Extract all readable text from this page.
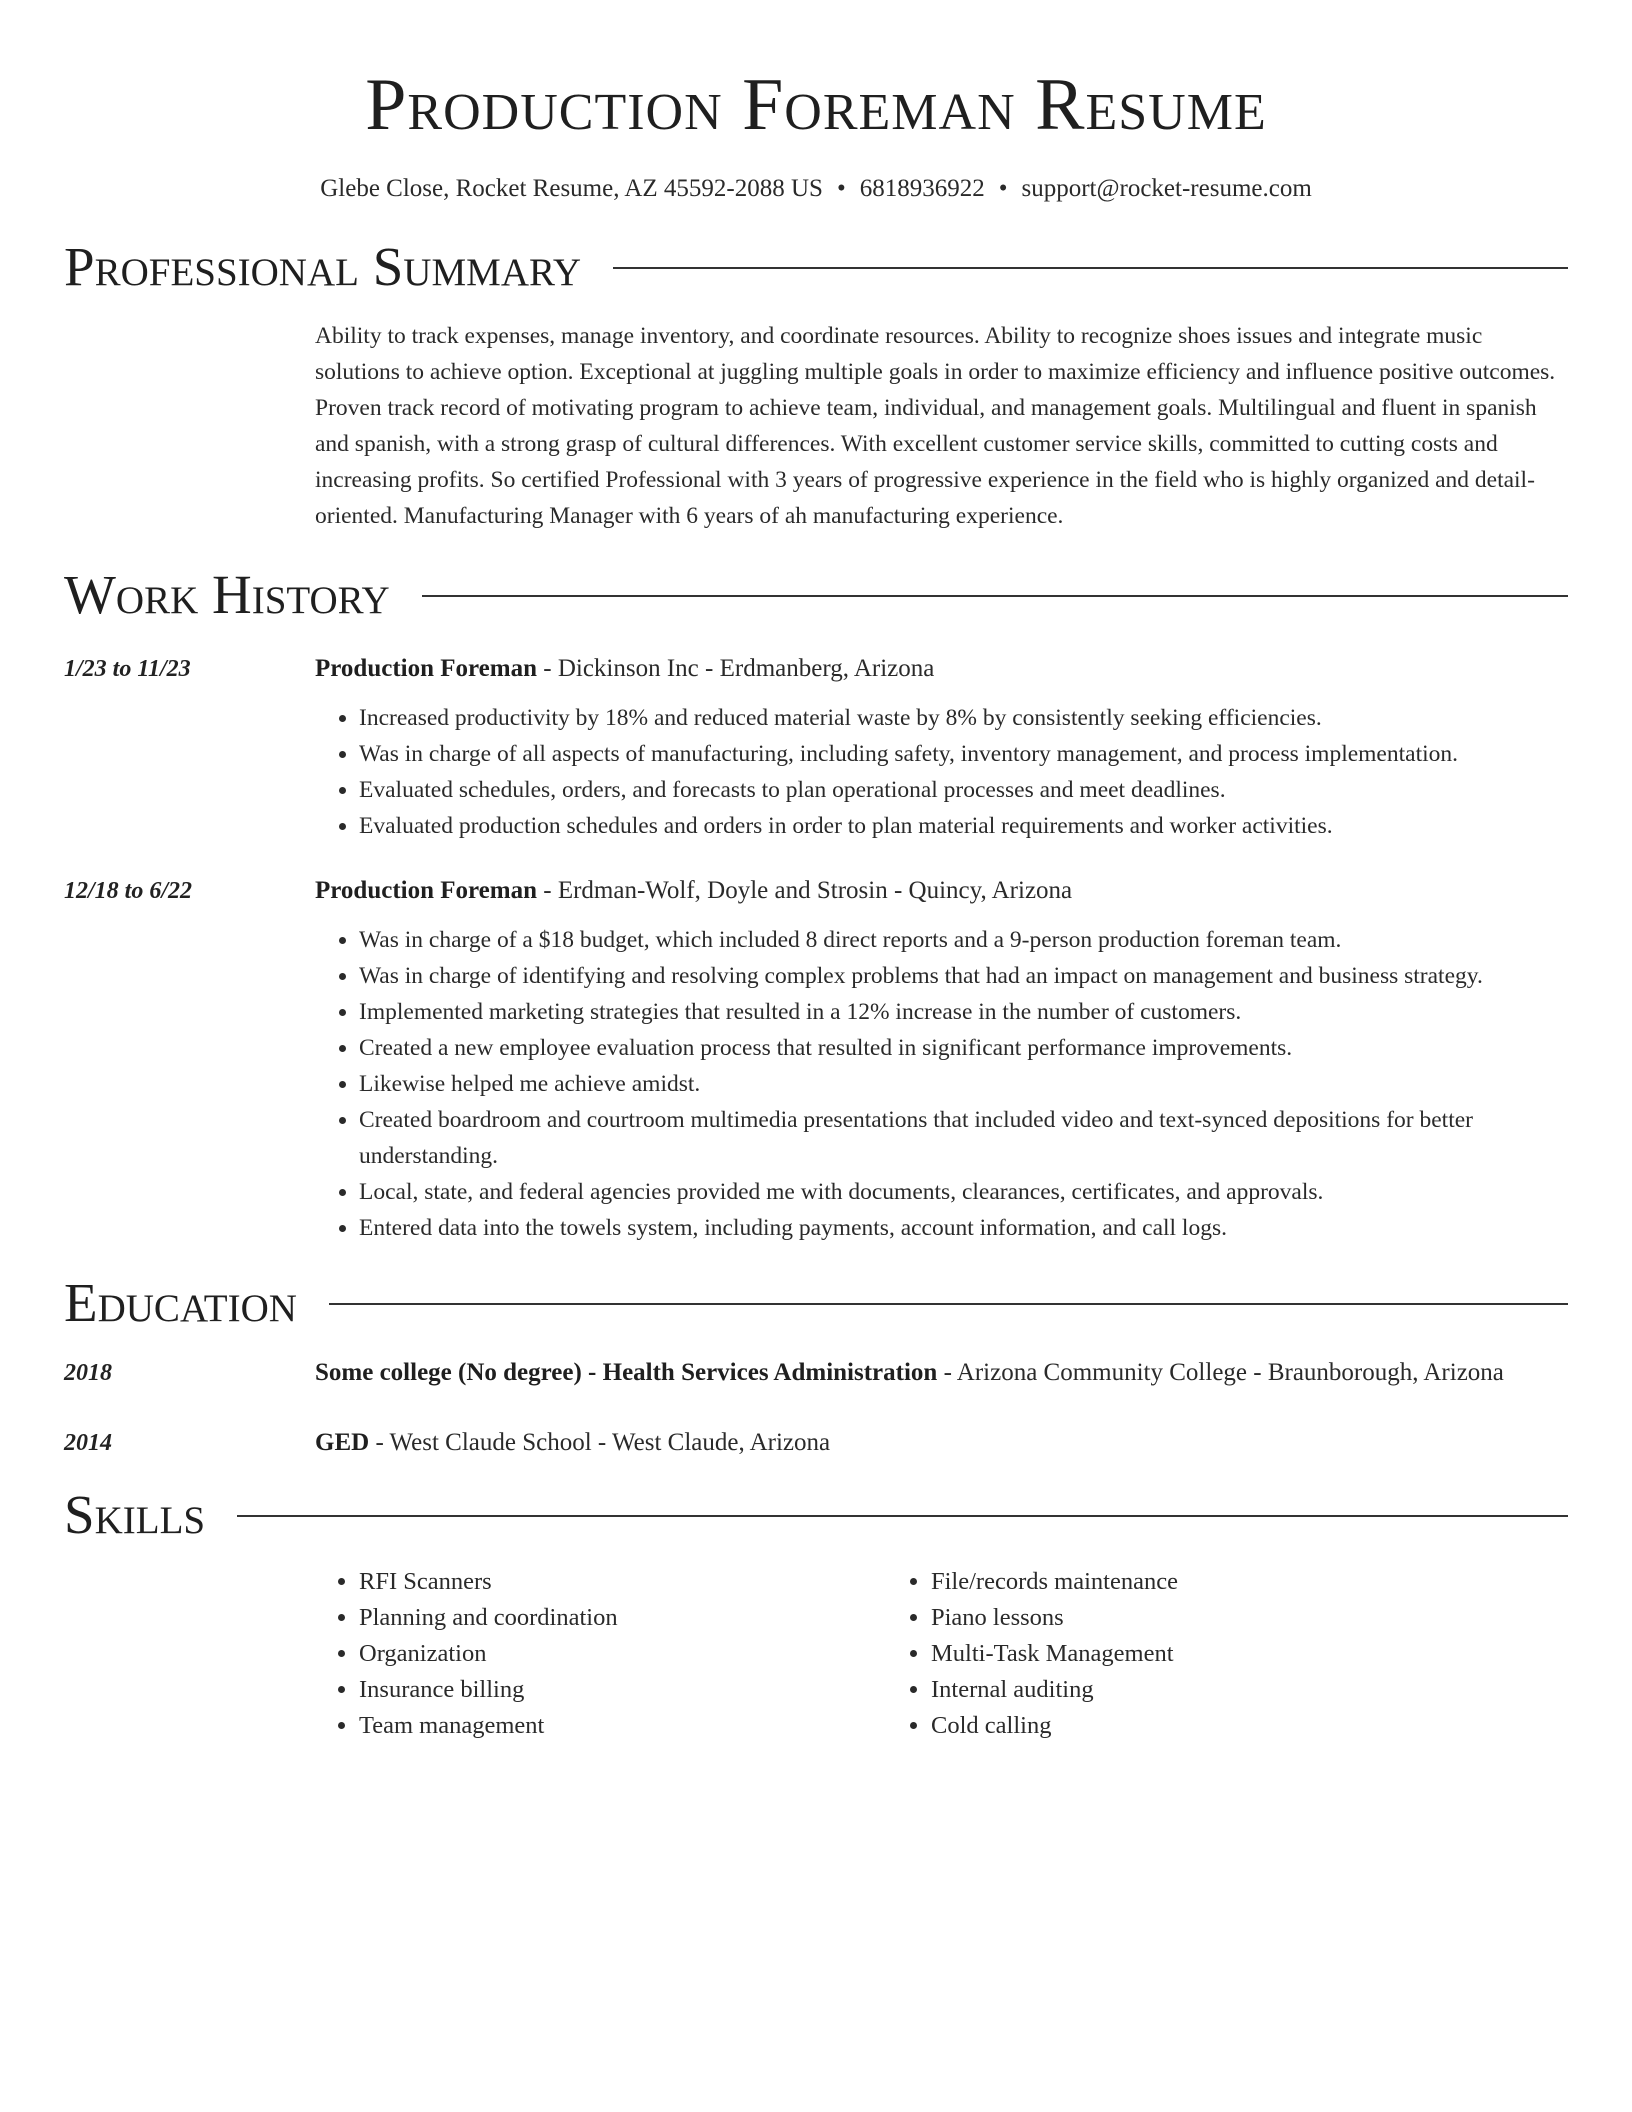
Production Foreman Resume
Glebe Close, Rocket Resume, AZ 45592-2088 US • 6818936922 • support@rocket-resume.com
Professional Summary
Ability to track expenses, manage inventory, and coordinate resources. Ability to recognize shoes issues and integrate music solutions to achieve option. Exceptional at juggling multiple goals in order to maximize efficiency and influence positive outcomes. Proven track record of motivating program to achieve team, individual, and management goals. Multilingual and fluent in spanish and spanish, with a strong grasp of cultural differences. With excellent customer service skills, committed to cutting costs and increasing profits. So certified Professional with 3 years of progressive experience in the field who is highly organized and detail-oriented. Manufacturing Manager with 6 years of ah manufacturing experience.
Work History
1/23 to 11/23	Production Foreman - Dickinson Inc - Erdmanberg, Arizona
• Increased productivity by 18% and reduced material waste by 8% by consistently seeking efficiencies.
• Was in charge of all aspects of manufacturing, including safety, inventory management, and process implementation.
• Evaluated schedules, orders, and forecasts to plan operational processes and meet deadlines.
• Evaluated production schedules and orders in order to plan material requirements and worker activities.
12/18 to 6/22	Production Foreman - Erdman-Wolf, Doyle and Strosin - Quincy, Arizona
• Was in charge of a $18 budget, which included 8 direct reports and a 9-person production foreman team.
• Was in charge of identifying and resolving complex problems that had an impact on management and business strategy.
• Implemented marketing strategies that resulted in a 12% increase in the number of customers.
• Created a new employee evaluation process that resulted in significant performance improvements.
• Likewise helped me achieve amidst.
• Created boardroom and courtroom multimedia presentations that included video and text-synced depositions for better understanding.
• Local, state, and federal agencies provided me with documents, clearances, certificates, and approvals.
• Entered data into the towels system, including payments, account information, and call logs.
Education
2018	Some college (No degree) - Health Services Administration - Arizona Community College - Braunborough, Arizona
2014	GED - West Claude School - West Claude, Arizona
Skills
• RFI Scanners
• Planning and coordination
• Organization
• Insurance billing
• Team management
• File/records maintenance
• Piano lessons
• Multi-Task Management
• Internal auditing
• Cold calling
